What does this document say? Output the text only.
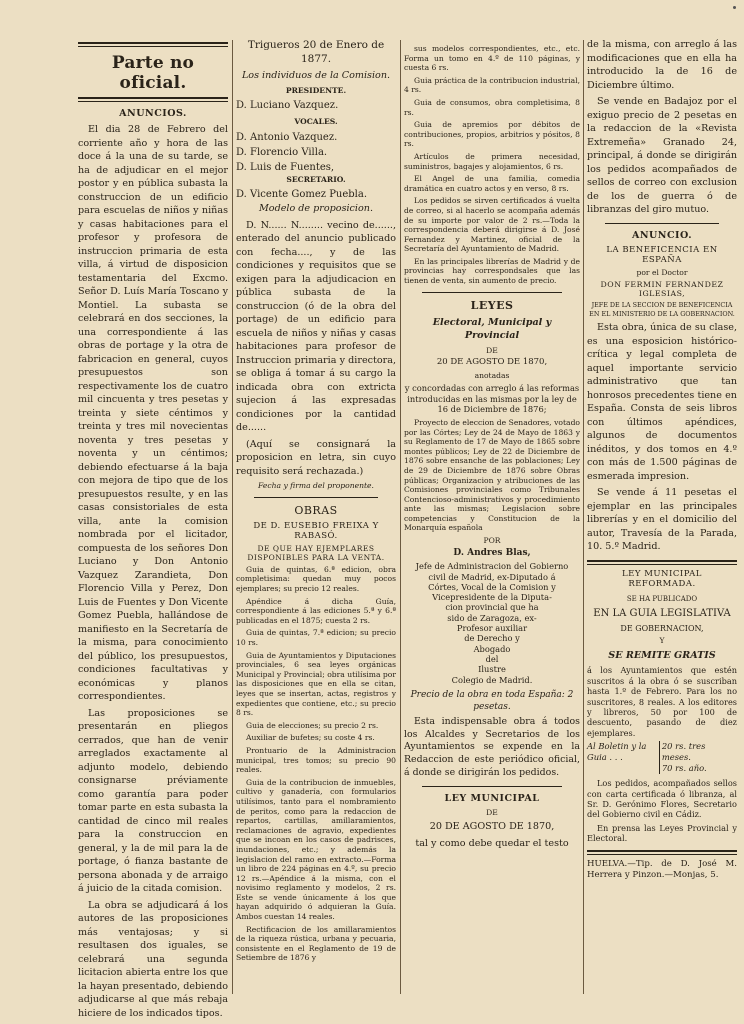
Parte no oficial.
ANUNCIOS.

El dia 28 de Febrero del corriente año y hora de las doce á la una de su tarde, se ha de adjudicar en el mejor postor y en pública subasta la construccion de un edificio para escuelas de niños y niñas y casas habitaciones para el profesor y profesora de instruccion primaria de esta villa, á virtud de disposicion testamentaria del Excmo. Señor D. Luís María Toscano y Montiel. La subasta se celebrará en dos secciones, la una correspondiente á las obras de portage y la otra de fabricacion en general, cuyos presupuestos son respectivamente los de cuatro mil cincuenta y tres pesetas y treinta y siete céntimos y treinta y tres mil novecientas noventa y tres pesetas y noventa y un céntimos; debiendo efectuarse á la baja con mejora de tipo que de los presupuestos resulte, y en las casas consistoriales de esta villa, ante la comision nombrada por el licitador, compuesta de los señores Don Luciano y Don Antonio Vazquez Zarandieta, Don Florencio Villa y Perez, Don Luis de Fuentes y Don Vicente Gomez Puebla, hallándose de manifiesto en la Secretaría de la misma, para conocimiento del público, los presupuestos, condiciones facultativas y económicas y planos correspondientes.

Las proposiciones se presentarán en pliegos cerrados, que han de venir arreglados exactamente al adjunto modelo, debiendo consignarse préviamente como garantía para poder tomar parte en esta subasta la cantidad de cinco mil reales para la construccion en general, y la de mil para la de portage, ó fianza bastante de persona abonada y de arraigo á juicio de la citada comision.

La obra se adjudicará á los autores de las proposiciones más ventajosas; y si resultasen dos iguales, se celebrará una segunda licitacion abierta entre los que la hayan presentado, debiendo adjudicarse al que más rebaja hiciere de los indicados tipos.

Trigueros 20 de Enero de 1877.

Los individuos de la Comision.

PRESIDENTE.

D. Luciano Vazquez.

VOCALES.

D. Antonio Vazquez.

D. Florencio Villa.

D. Luis de Fuentes,

SECRETARIO.

D. Vicente Gomez Puebla.

Modelo de proposicion.

D. N...... N........ vecino de......, enterado del anuncio publicado con fecha...., y de las condiciones y requisitos que se exigen para la adjudicacion en pública subasta de la construccion (ó de la obra del portage) de un edificio para escuela de niños y niñas y casas habitaciones para profesor de Instruccion primaria y directora, se obliga á tomar á su cargo la indicada obra con extricta sujecion á las expresadas condiciones por la cantidad de......

(Aquí se consignará la proposicion en letra, sin cuyo requisito será rechazada.)

Fecha y firma del proponente.

OBRAS
DE D. EUSEBIO FREIXA Y RABASÓ.
DE QUE HAY EJEMPLARES DISPONIBLES PARA LA VENTA.

Guia de quintas, 6.ª edicion, obra completisima: quedan muy pocos ejemplares; su precio 12 reales.

Apéndice á dicha Guía, correspondiente á las ediciones 5.ª y 6.ª publicadas en el 1875; cuesta 2 rs.

Guia de quintas, 7.ª edicion; su precio 10 rs.

Guia de Ayuntamientos y Diputaciones provinciales, 6 sea leyes orgánicas Municipal y Provincial; obra utilísima por las disposiciones que en ella se citan, leyes que se insertan, actas, registros y expedientes que contiene, etc.; su precio 8 rs.

Guia de elecciones; su precio 2 rs.

Auxiliar de bufetes; su coste 4 rs.

Prontuario de la Administracion municipal, tres tomos; su precio 90 reales.

Guia de la contribucion de inmuebles, cultivo y ganadería, con formularios utilísimos, tanto para el nombramiento de peritos, como para la redaccion de repartos, cartillas, amillaramientos, reclamaciones de agravio, expedientes que se incoan en los casos de padrisces, inundaciones, etc.; y además la legislacion del ramo en extracto.—Forma un libro de 224 páginas en 4.º, su precio 12 rs.—Apéndice á la misma, con el novisimo reglamento y modelos, 2 rs. Este se vende únicamente á los que hayan adquirido ó adquieran la Guía. Ambos cuestan 14 reales.

Rectificacion de los amillaramientos de la riqueza rústica, urbana y pecuaria, consistente en el Reglamento de 19 de Setiembre de 1876 y

sus modelos correspondientes, etc., etc. Forma un tomo en 4.º de 110 páginas, y cuesta 6 rs.

Guia práctica de la contribucion industrial, 4 rs.

Guia de consumos, obra completisima, 8 rs.

Guia de apremios por débitos de contribuciones, propios, arbitrios y pósitos, 8 rs.

Artículos de primera necesidad, suministros, bagajes y alojamientos, 6 rs.

El Angel de una familia, comedia dramática en cuatro actos y en verso, 8 rs.

Los pedidos se sirven certificados á vuelta de correo, si al hacerlo se acompaña además de su importe por valor de 2 rs.—Toda la correspondencia deberá dirigirse á D. José Fernandez y Martinez, oficial de la Secretaría del Ayuntamiento de Madrid.

En las principales librerías de Madrid y de provincias hay correspondsales que las tienen de venta, sin aumento de precio.

LEYES
Electoral, Municipal y Provincial
DE
20 DE AGOSTO DE 1870,
anotadas

y concordadas con arreglo á las reformas introducidas en las mismas por la ley de 16 de Diciembre de 1876;

Proyecto de eleccion de Senadores, votado por las Córtes; Ley de 24 de Mayo de 1863 y su Reglamento de 17 de Mayo de 1865 sobre montes públicos; Ley de 22 de Diciembre de 1876 sobre ensanche de las poblaciones; Ley de 29 de Diciembre de 1876 sobre Obras públicas; Organizacion y atribuciones de las Comisiones provinciales como Tribunales Contencioso-administrativos y procedimiento ante las mismas; Legislacion sobre competencias y Constitucion de la Monarquía española

POR
D. Andres Blas,
Jefe de Administracion del Gobierno
civil de Madrid, ex-Diputado á
Córtes, Vocal de la Comision y
Vicepresidente de la Diputa-
cion provincial que ha
sido de Zaragoza, ex-
Profesor auxiliar
de Derecho y
Abogado
del
Ilustre
Colegio de Madrid.

Precio de la obra en toda España: 2 pesetas.

Esta indispensable obra á todos los Alcaldes y Secretarios de los Ayuntamientos se expende en la Redaccion de este periódico oficial, á donde se dirigirán los pedidos.

LEY MUNICIPAL
DE
20 DE AGOSTO DE 1870,
tal y como debe quedar el testo

de la misma, con arreglo á las modificaciones que en ella ha introducido la de 16 de Diciembre último.

Se vende en Badajoz por el exiguo precio de 2 pesetas en la redaccion de la «Revista Extremeña» Granado 24, principal, á donde se dirigirán los pedidos acompañados de sellos de correo con exclusion de los de guerra ó de libranzas del giro mutuo.

ANUNCIO.
LA BENEFICENCIA EN ESPAÑA
por el Doctor
DON FERMIN FERNANDEZ IGLESIAS,
JEFE DE LA SECCION DE BENEFICENCIA EN EL MINISTERIO DE LA GOBERNACION.

Esta obra, única de su clase, es una esposicion histórico-crítica y legal completa de aquel importante servicio administrativo que tan honrosos precedentes tiene en España. Consta de seis libros con últimos apéndices, algunos de documentos inéditos, y dos tomos en 4.º con más de 1.500 páginas de esmerada impresion.

Se vende á 11 pesetas el ejemplar en las principales librerías y en el domicilio del autor, Travesía de la Parada, 10. 5.º Madrid.

LEY MUNICIPAL REFORMADA.
SE HA PUBLICADO
EN LA GUIA LEGISLATIVA
DE GOBERNACION,
Y
SE REMITE GRATIS

á los Ayuntamientos que estén suscritos á la obra ó se suscriban hasta 1.º de Febrero. Para los no suscritores, 8 reales. A los editores y libreros, 50 por 100 de descuento, pasando de diez ejemplares.

Al Boletin y la Guia . . .
20 rs. tres meses.
70 rs. año.

Los pedidos, acompañados sellos con carta certificada ó libranza, al Sr. D. Gerónimo Flores, Secretario del Gobierno civil en Cádiz.

En prensa las Leyes Provincial y Electoral.

HUELVA.—Tip. de D. José M. Herrera y Pinzon.—Monjas, 5.
